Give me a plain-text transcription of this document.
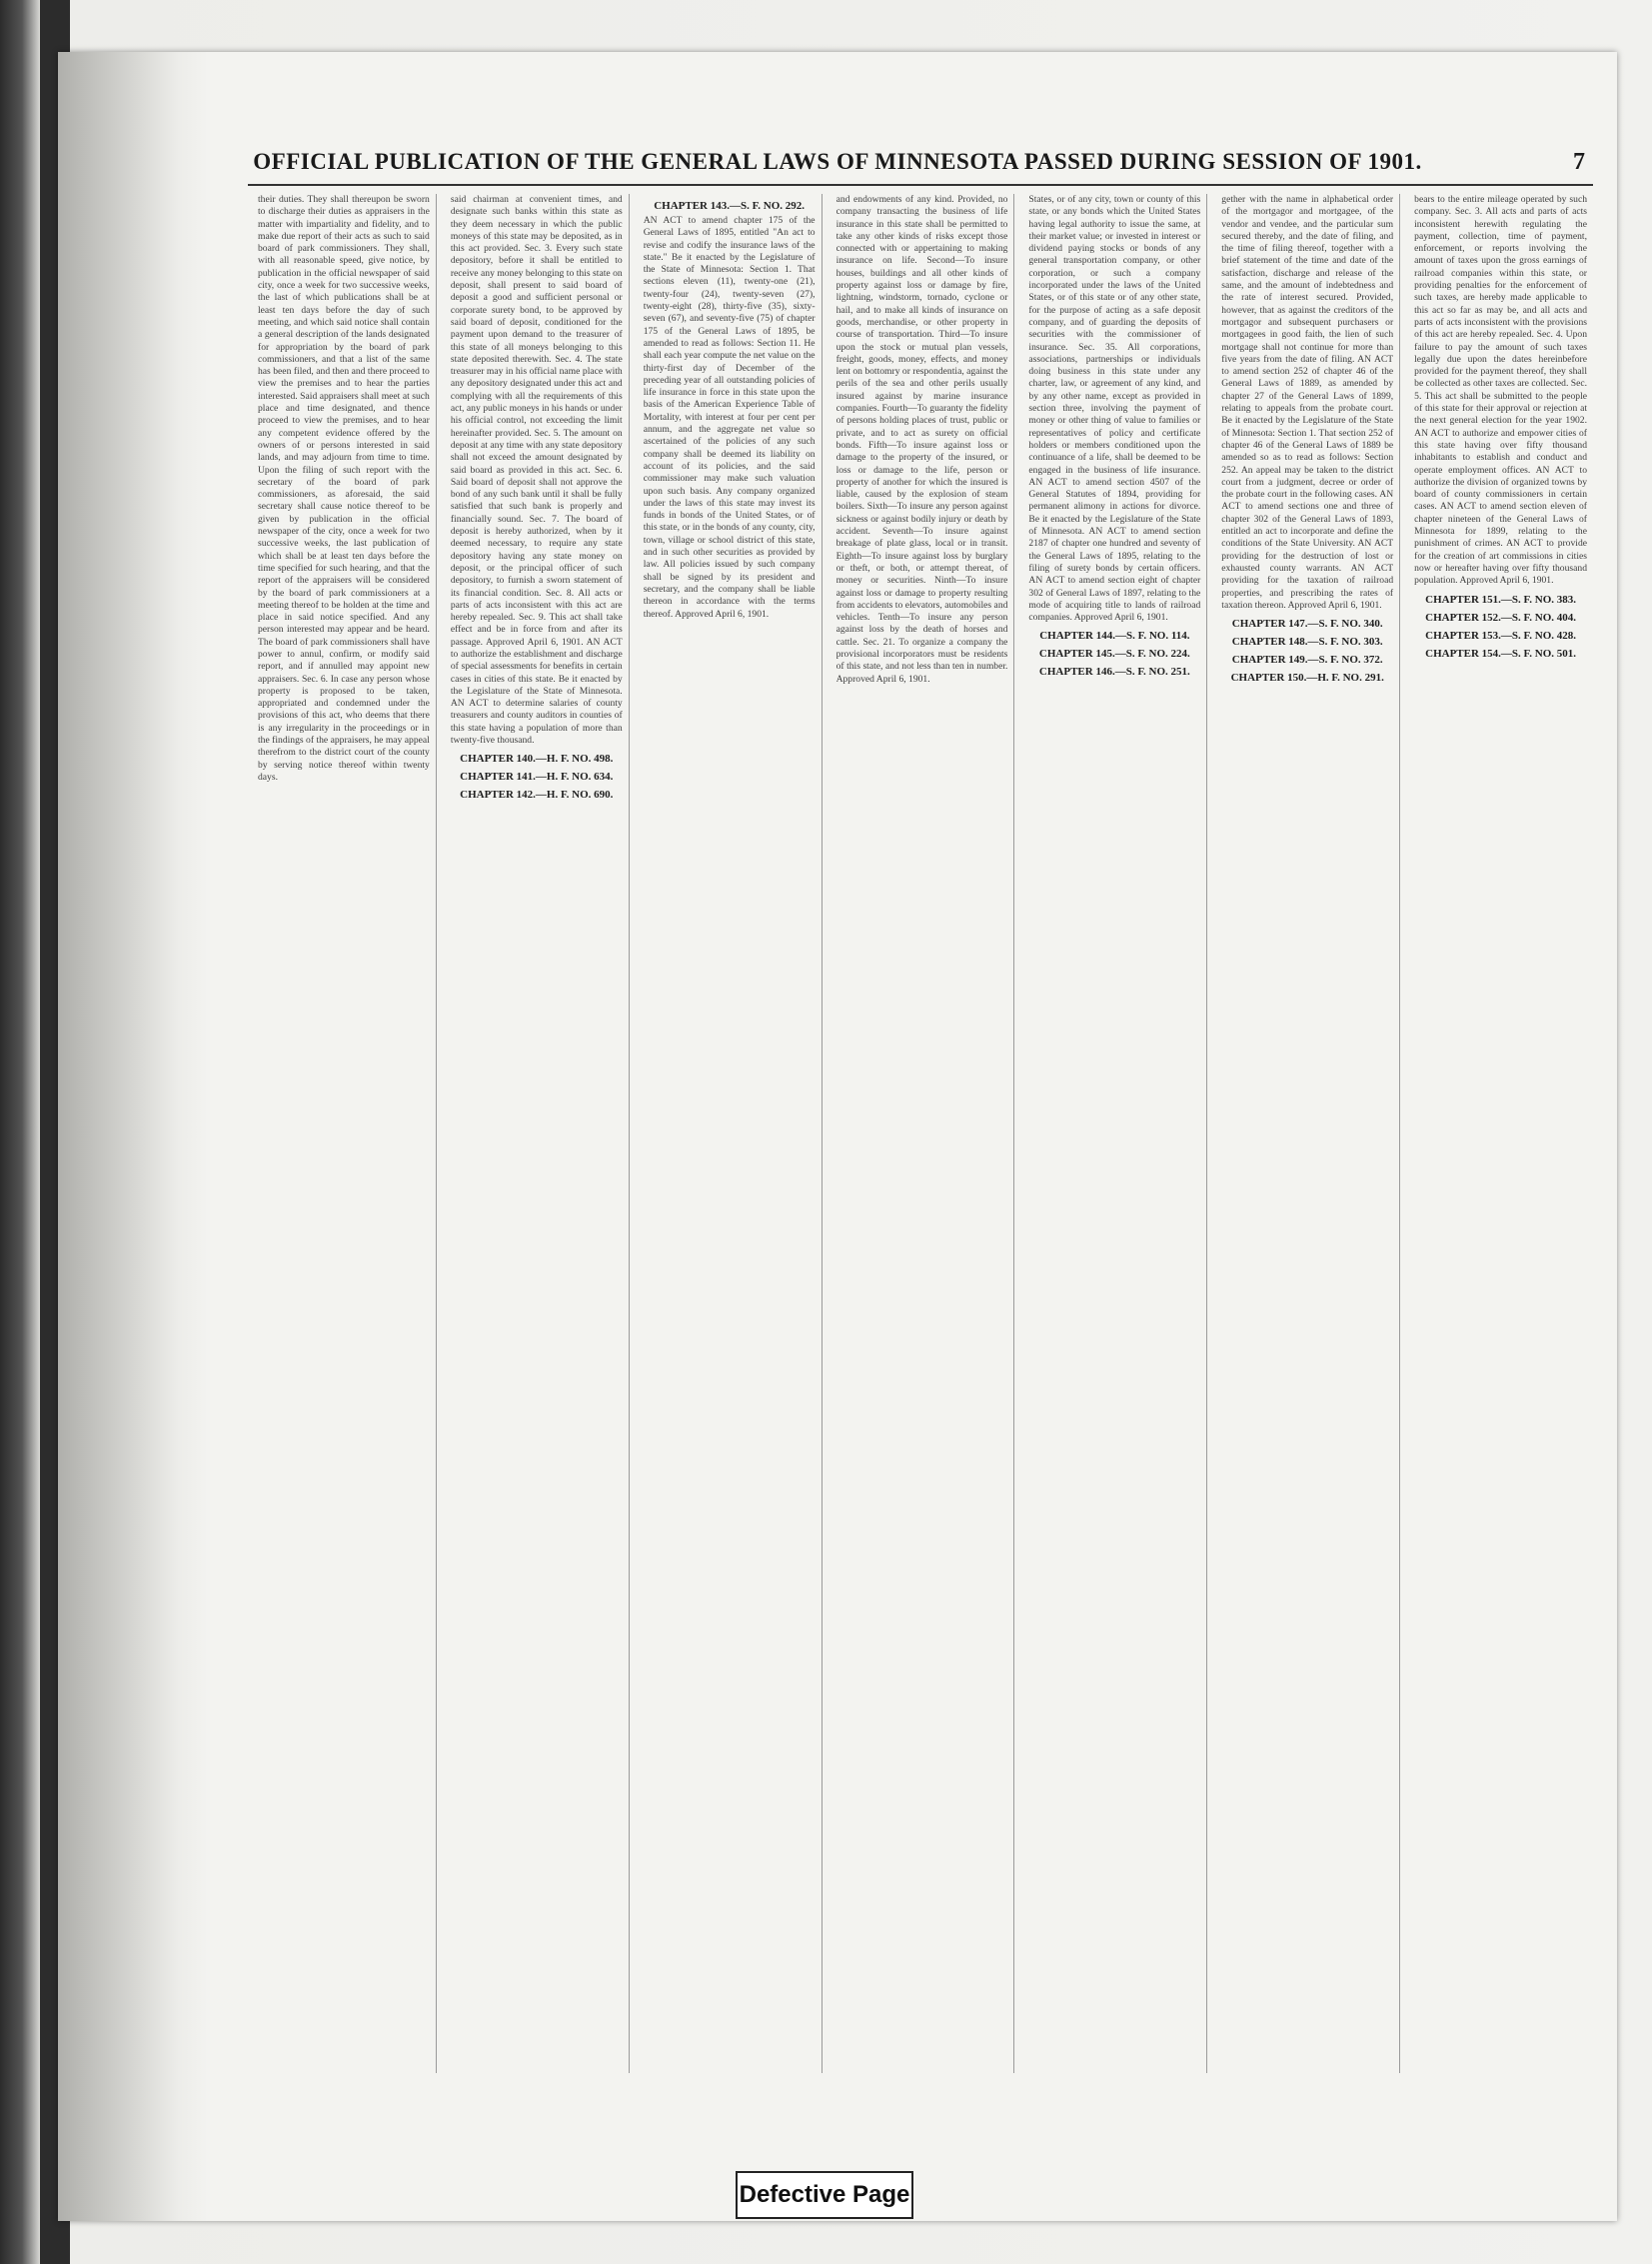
OFFICIAL PUBLICATION OF THE GENERAL LAWS OF MINNESOTA PASSED DURING SESSION OF 1901.	7
their duties. They shall thereupon be sworn to discharge their duties as appraisers in the matter with impartiality and fidelity, and to make due report of their acts as such to said board of park commissioners. They shall, with all reasonable speed, give notice, by publication in the official newspaper of said city, once a week for two successive weeks, the last of which publications shall be at least ten days before the day of such meeting, and which said notice shall contain a general description of the lands designated for appropriation by the board of park commissioners, and that a list of the same has been filed, and then and there proceed to view the premises and to hear the parties interested. Said appraisers shall meet at such place and time designated, and thence proceed to view the premises, and to hear any competent evidence offered by the owners of or persons interested in said lands, and may adjourn from time to time. Upon the filing of such report with the secretary of the board of park commissioners, as aforesaid, the said secretary shall cause notice thereof to be given by publication in the official newspaper of the city, once a week for two successive weeks, the last publication of which shall be at least ten days before the time specified for such hearing, and that the report of the appraisers will be considered by the board of park commissioners at a meeting thereof to be holden at the time and place in said notice specified. And any person interested may appear and be heard. The board of park commissioners shall have power to annul, confirm, or modify said report, and if annulled may appoint new appraisers. Sec. 6. In case any person whose property is proposed to be taken, appropriated and condemned under the provisions of this act, who deems that there is any irregularity in the proceedings or in the findings of the appraisers, he may appeal therefrom to the district court of the county by serving notice thereof within twenty days.
said chairman at convenient times, and designate such banks within this state as they deem necessary in which the public moneys of this state may be deposited, as in this act provided. Sec. 3. Every such state depository, before it shall be entitled to receive any money belonging to this state on deposit, shall present to said board of deposit a good and sufficient personal or corporate surety bond, to be approved by said board of deposit, conditioned for the payment upon demand to the treasurer of this state of all moneys belonging to this state deposited therewith. Sec. 4. The state treasurer may in his official name place with any depository designated under this act and complying with all the requirements of this act, any public moneys in his hands or under his official control, not exceeding the limit hereinafter provided. Sec. 5. The amount on deposit at any time with any state depository shall not exceed the amount designated by said board as provided in this act. Sec. 6. Said board of deposit shall not approve the bond of any such bank until it shall be fully satisfied that such bank is properly and financially sound. Sec. 7. The board of deposit is hereby authorized, when by it deemed necessary, to require any state depository having any state money on deposit, or the principal officer of such depository, to furnish a sworn statement of its financial condition. Sec. 8. All acts or parts of acts inconsistent with this act are hereby repealed. Sec. 9. This act shall take effect and be in force from and after its passage. Approved April 6, 1901. AN ACT to authorize the establishment and discharge of special assessments for benefits in certain cases in cities of this state. Be it enacted by the Legislature of the State of Minnesota. AN ACT to determine salaries of county treasurers and county auditors in counties of this state having a population of more than twenty-five thousand.
CHAPTER 140.—H. F. NO. 498.
CHAPTER 141.—H. F. NO. 634.
CHAPTER 142.—H. F. NO. 690.
CHAPTER 143.—S. F. NO. 292.
AN ACT to amend chapter 175 of the General Laws of 1895, entitled "An act to revise and codify the insurance laws of the state." Be it enacted by the Legislature of the State of Minnesota: Section 1. That sections eleven (11), twenty-one (21), twenty-four (24), twenty-seven (27), twenty-eight (28), thirty-five (35), sixty-seven (67), and seventy-five (75) of chapter 175 of the General Laws of 1895, be amended to read as follows: Section 11. He shall each year compute the net value on the thirty-first day of December of the preceding year of all outstanding policies of life insurance in force in this state upon the basis of the American Experience Table of Mortality, with interest at four per cent per annum, and the aggregate net value so ascertained of the policies of any such company shall be deemed its liability on account of its policies, and the said commissioner may make such valuation upon such basis. Any company organized under the laws of this state may invest its funds in bonds of the United States, or of this state, or in the bonds of any county, city, town, village or school district of this state, and in such other securities as provided by law. All policies issued by such company shall be signed by its president and secretary, and the company shall be liable thereon in accordance with the terms thereof. Approved April 6, 1901.
and endowments of any kind. Provided, no company transacting the business of life insurance in this state shall be permitted to take any other kinds of risks except those connected with or appertaining to making insurance on life. Second—To insure houses, buildings and all other kinds of property against loss or damage by fire, lightning, windstorm, tornado, cyclone or hail, and to make all kinds of insurance on goods, merchandise, or other property in course of transportation. Third—To insure upon the stock or mutual plan vessels, freight, goods, money, effects, and money lent on bottomry or respondentia, against the perils of the sea and other perils usually insured against by marine insurance companies. Fourth—To guaranty the fidelity of persons holding places of trust, public or private, and to act as surety on official bonds. Fifth—To insure against loss or damage to the property of the insured, or loss or damage to the life, person or property of another for which the insured is liable, caused by the explosion of steam boilers. Sixth—To insure any person against sickness or against bodily injury or death by accident. Seventh—To insure against breakage of plate glass, local or in transit. Eighth—To insure against loss by burglary or theft, or both, or attempt thereat, of money or securities. Ninth—To insure against loss or damage to property resulting from accidents to elevators, automobiles and vehicles. Tenth—To insure any person against loss by the death of horses and cattle. Sec. 21. To organize a company the provisional incorporators must be residents of this state, and not less than ten in number. Approved April 6, 1901.
States, or of any city, town or county of this state, or any bonds which the United States having legal authority to issue the same, at their market value; or invested in interest or dividend paying stocks or bonds of any general transportation company, or other corporation, or such a company incorporated under the laws of the United States, or of this state or of any other state, for the purpose of acting as a safe deposit company, and of guarding the deposits of securities with the commissioner of insurance. Sec. 35. All corporations, associations, partnerships or individuals doing business in this state under any charter, law, or agreement of any kind, and by any other name, except as provided in section three, involving the payment of money or other thing of value to families or representatives of policy and certificate holders or members conditioned upon the continuance of a life, shall be deemed to be engaged in the business of life insurance. AN ACT to amend section 4507 of the General Statutes of 1894, providing for permanent alimony in actions for divorce. Be it enacted by the Legislature of the State of Minnesota. AN ACT to amend section 2187 of chapter one hundred and seventy of the General Laws of 1895, relating to the filing of surety bonds by certain officers. AN ACT to amend section eight of chapter 302 of General Laws of 1897, relating to the mode of acquiring title to lands of railroad companies. Approved April 6, 1901.
CHAPTER 144.—S. F. NO. 114.
CHAPTER 145.—S. F. NO. 224.
CHAPTER 146.—S. F. NO. 251.
gether with the name in alphabetical order of the mortgagor and mortgagee, of the vendor and vendee, and the particular sum secured thereby, and the date of filing, and the time of filing thereof, together with a brief statement of the time and date of the satisfaction, discharge and release of the same, and the amount of indebtedness and the rate of interest secured. Provided, however, that as against the creditors of the mortgagor and subsequent purchasers or mortgagees in good faith, the lien of such mortgage shall not continue for more than five years from the date of filing. AN ACT to amend section 252 of chapter 46 of the General Laws of 1889, as amended by chapter 27 of the General Laws of 1899, relating to appeals from the probate court. Be it enacted by the Legislature of the State of Minnesota: Section 1. That section 252 of chapter 46 of the General Laws of 1889 be amended so as to read as follows: Section 252. An appeal may be taken to the district court from a judgment, decree or order of the probate court in the following cases. AN ACT to amend sections one and three of chapter 302 of the General Laws of 1893, entitled an act to incorporate and define the conditions of the State University. AN ACT providing for the destruction of lost or exhausted county warrants. AN ACT providing for the taxation of railroad properties, and prescribing the rates of taxation thereon. Approved April 6, 1901.
CHAPTER 147.—S. F. NO. 340.
CHAPTER 148.—S. F. NO. 303.
CHAPTER 149.—S. F. NO. 372.
CHAPTER 150.—H. F. NO. 291.
bears to the entire mileage operated by such company. Sec. 3. All acts and parts of acts inconsistent herewith regulating the payment, collection, time of payment, enforcement, or reports involving the amount of taxes upon the gross earnings of railroad companies within this state, or providing penalties for the enforcement of such taxes, are hereby made applicable to this act so far as may be, and all acts and parts of acts inconsistent with the provisions of this act are hereby repealed. Sec. 4. Upon failure to pay the amount of such taxes legally due upon the dates hereinbefore provided for the payment thereof, they shall be collected as other taxes are collected. Sec. 5. This act shall be submitted to the people of this state for their approval or rejection at the next general election for the year 1902. AN ACT to authorize and empower cities of this state having over fifty thousand inhabitants to establish and conduct and operate employment offices. AN ACT to authorize the division of organized towns by board of county commissioners in certain cases. AN ACT to amend section eleven of chapter nineteen of the General Laws of Minnesota for 1899, relating to the punishment of crimes. AN ACT to provide for the creation of art commissions in cities now or hereafter having over fifty thousand population. Approved April 6, 1901.
CHAPTER 151.—S. F. NO. 383.
CHAPTER 152.—S. F. NO. 404.
CHAPTER 153.—S. F. NO. 428.
CHAPTER 154.—S. F. NO. 501.
Defective Page
